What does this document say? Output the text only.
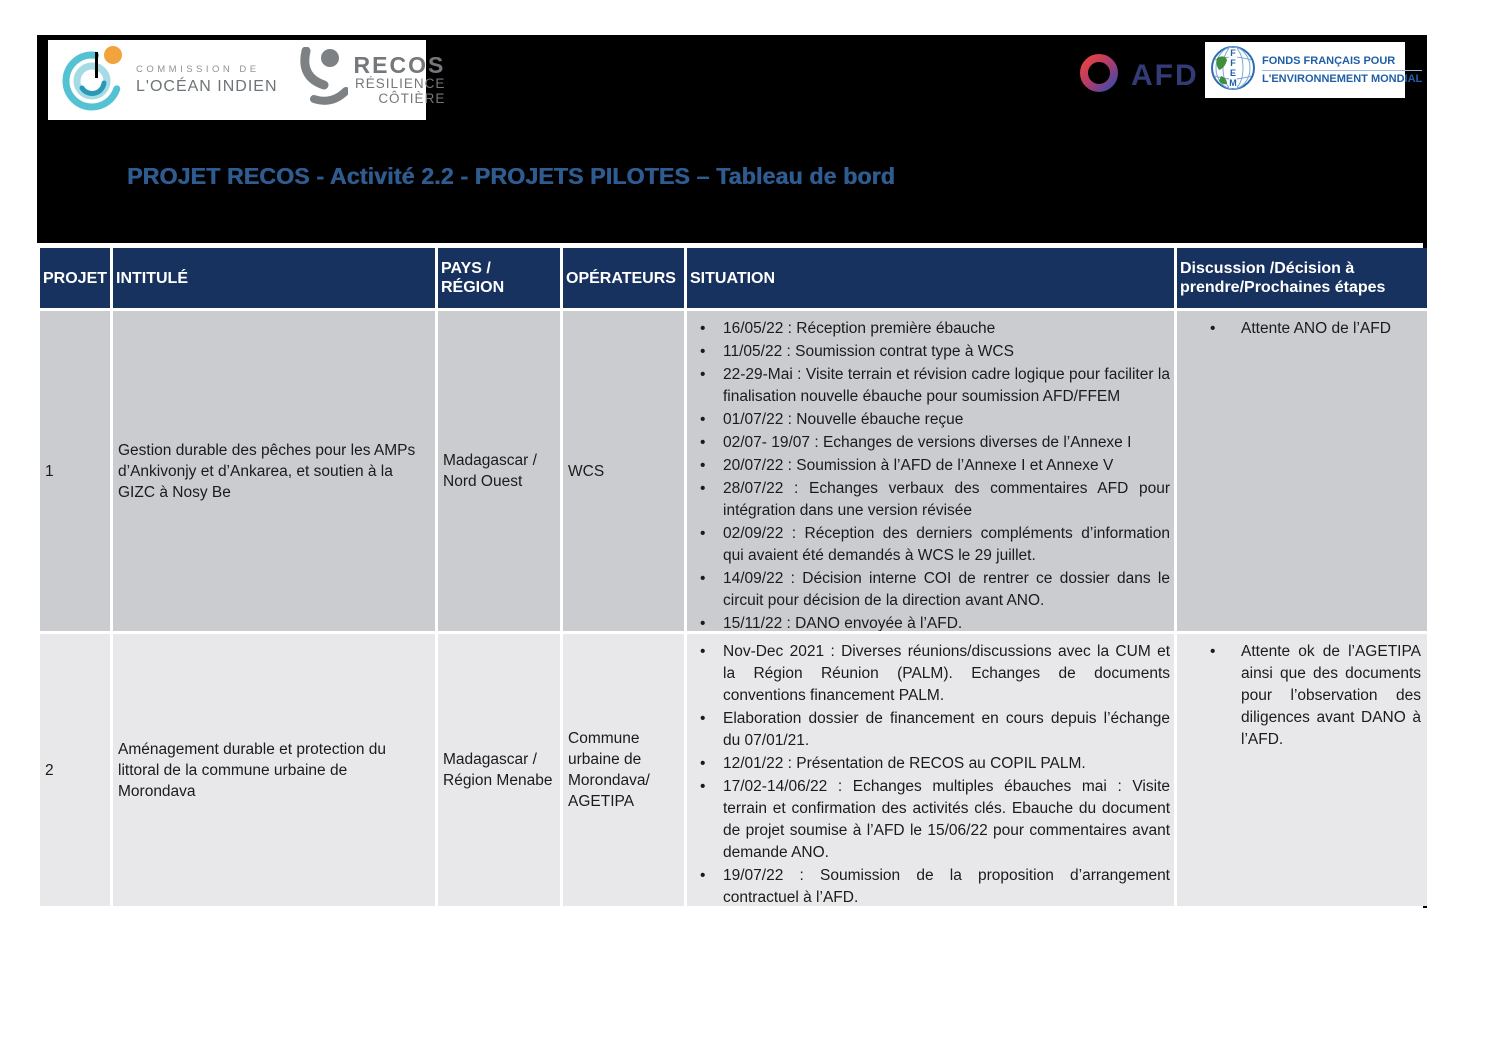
COMMISSION DE
L'OCÉAN INDIEN
RECOS
RÉSILIENCE
CÔTIÈRE
AFD
F
F
E
M
FONDS FRANÇAIS POUR
L'ENVIRONNEMENT MONDIAL
PROJET RECOS - Activité 2.2 - PROJETS PILOTES – Tableau de bord
PROJET INTITULÉ
PAYS / RÉGION
OPÉRATEURS SITUATION
Discussion /Décision à prendre/Prochaines étapes
1
Gestion durable des pêches pour les AMPs d’Ankivonjy et d’Ankarea, et soutien à la GIZC à Nosy Be
Madagascar / Nord Ouest
WCS
• 16/05/22 : Réception première ébauche
• 11/05/22 : Soumission contrat type à WCS
• 22-29-Mai : Visite terrain et révision cadre logique pour faciliter la finalisation nouvelle ébauche pour soumission AFD/FFEM
• 01/07/22 : Nouvelle ébauche reçue
• 02/07- 19/07 : Echanges de versions diverses de l’Annexe I
• 20/07/22 : Soumission à l’AFD de l’Annexe I et Annexe V
• 28/07/22 : Echanges verbaux des commentaires AFD pour intégration dans une version révisée
• 02/09/22 : Réception des derniers compléments d’information qui avaient été demandés à WCS le 29 juillet.
• 14/09/22 : Décision interne COI de rentrer ce dossier dans le circuit pour décision de la direction avant ANO.
• 15/11/22 : DANO envoyée à l’AFD.
• Attente ANO de l’AFD
2
Aménagement durable et protection du littoral de la commune urbaine de Morondava
Madagascar / Région Menabe
Commune urbaine de Morondava/ AGETIPA
• Nov-Dec 2021 : Diverses réunions/discussions avec la CUM et la Région Réunion (PALM). Echanges de documents conventions financement PALM.
• Elaboration dossier de financement en cours depuis l’échange du 07/01/21.
• 12/01/22 : Présentation de RECOS au COPIL PALM.
• 17/02-14/06/22 : Echanges multiples ébauches mai : Visite terrain et confirmation des activités clés. Ebauche du document de projet soumise à l’AFD le 15/06/22 pour commentaires avant demande ANO.
• 19/07/22 : Soumission de la proposition d’arrangement contractuel à l’AFD.
• Attente ok de l’AGETIPA ainsi que des documents pour l’observation des diligences avant DANO à l’AFD.
